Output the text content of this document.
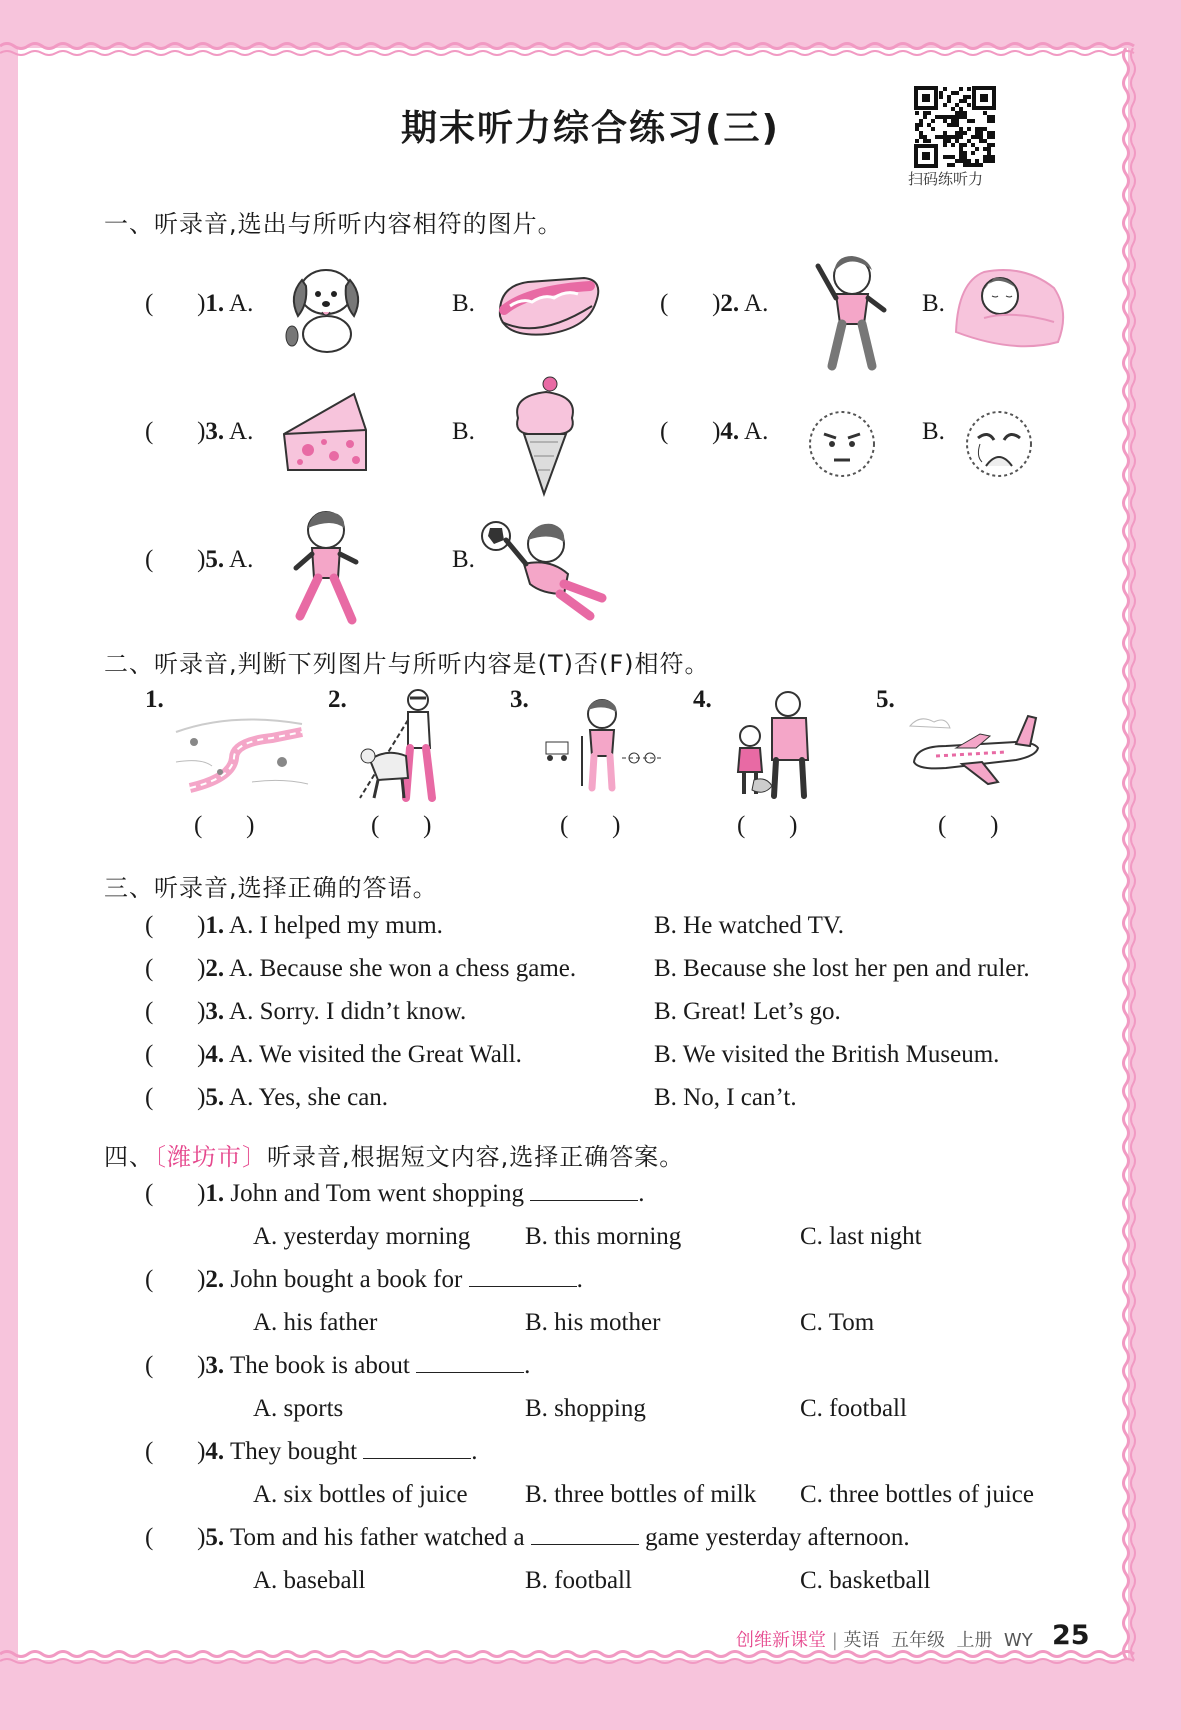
期末听力综合练习(三)
扫码练听力
一、听录音,选出与所听内容相符的图片。
(       )1. A.	B.	(       )2. A.	B.
(       )3. A.	B.	(       )4. A.	B.
(       )5. A.	B.
二、听录音,判断下列图片与所听内容是(T)否(F)相符。
1.	2.	3.	4.	5.
(       )	(       )	(       )	(       )	(       )
三、听录音,选择正确的答语。
(       )1. A. I helped my mum.	B. He watched TV.
(       )2. A. Because she won a chess game.	B. Because she lost her pen and ruler.
(       )3. A. Sorry. I didn’t know.	B. Great! Let’s go.
(       )4. A. We visited the Great Wall.	B. We visited the British Museum.
(       )5. A. Yes, she can.	B. No, I can’t.
四、〔潍坊市〕听录音,根据短文内容,选择正确答案。
(       )1. John and Tom went shopping	.
A. yesterday morning B. this morning	C. last night
(       )2. John bought a book for	.
A. his father	B. his mother	C. Tom
(       )3. The book is about	.
A. sports	B. shopping	C. football
(       )4. They bought	.
A. six bottles of juice B. three bottles of milk C. three bottles of juice
(       )5. Tom and his father watched a	game yesterday afternoon.
A. baseball	B. football	C. basketball
创维新课堂 | 英语 五年级 上册 WY 25
